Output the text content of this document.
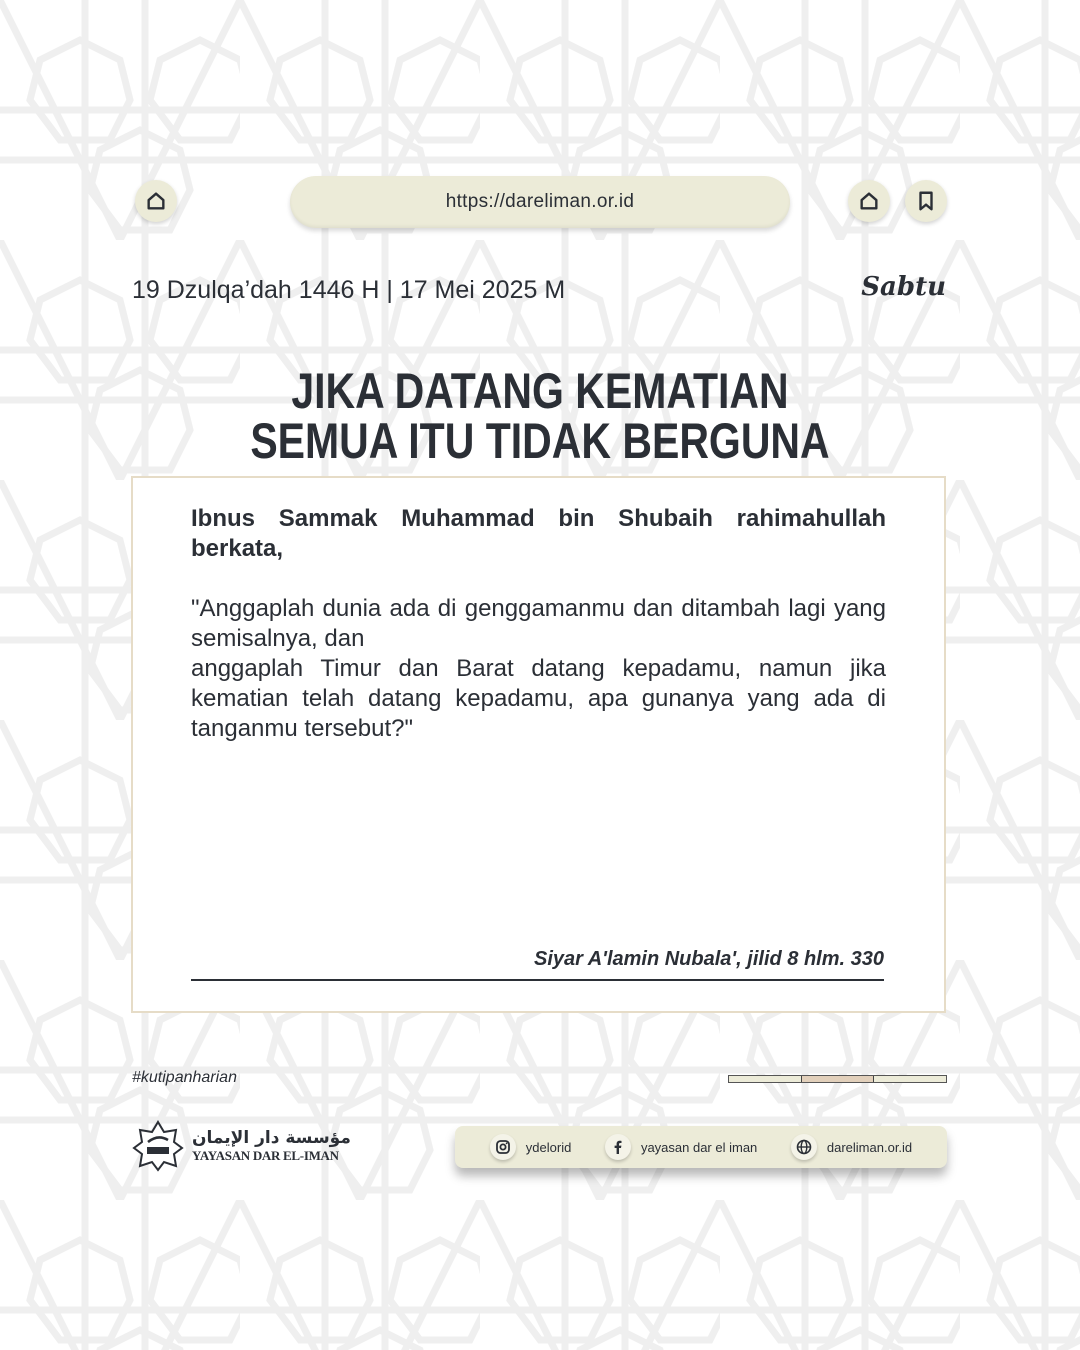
https://dareliman.or.id
19 Dzulqa’dah 1446 H | 17 Mei 2025 M	Sabtu
JIKA DATANG KEMATIAN
SEMUA ITU TIDAK BERGUNA

Ibnus Sammak Muhammad bin Shubaih rahimahullah berkata,

"Anggaplah dunia ada di genggamanmu dan ditambah lagi yang semisalnya, dan

anggaplah Timur dan Barat datang kepadamu, namun jika kematian telah datang kepadamu, apa gunanya yang ada di tanganmu tersebut?"

Siyar A'lamin Nubala', jilid 8 hlm. 330
#kutipanharian
مؤسسة دار الإيمان
YAYASAN DAR EL-IMAN
ydelorid	yayasan dar el iman	dareliman.or.id
